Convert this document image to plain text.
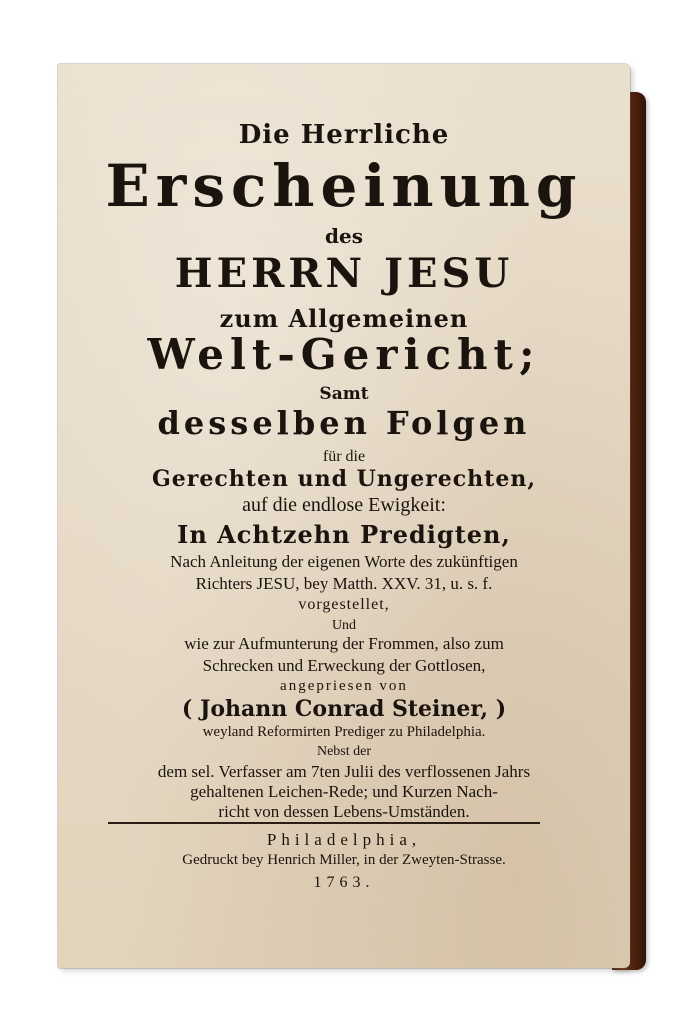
Die Herrliche
Erscheinung
des
HERRN JESU
zum Allgemeinen
Welt-Gericht;
Samt
desselben Folgen
für die
Gerechten und Ungerechten,
auf die endlose Ewigkeit:
In Achtzehn Predigten,
Nach Anleitung der eigenen Worte des zukünftigen
Richters JESU, bey Matth. XXV. 31, u. s. f.
vorgestellet,
Und
wie zur Aufmunterung der Frommen, also zum
Schrecken und Erweckung der Gottlosen,
angepriesen von
( Johann Conrad Steiner, )
weyland Reformirten Prediger zu Philadelphia.
Nebst der
dem sel. Verfasser am 7ten Julii des verflossenen Jahrs
gehaltenen Leichen-Rede; und Kurzen Nach-
richt von dessen Lebens-Umständen.
Philadelphia,
Gedruckt bey Henrich Miller, in der Zweyten-Strasse.
1763.
